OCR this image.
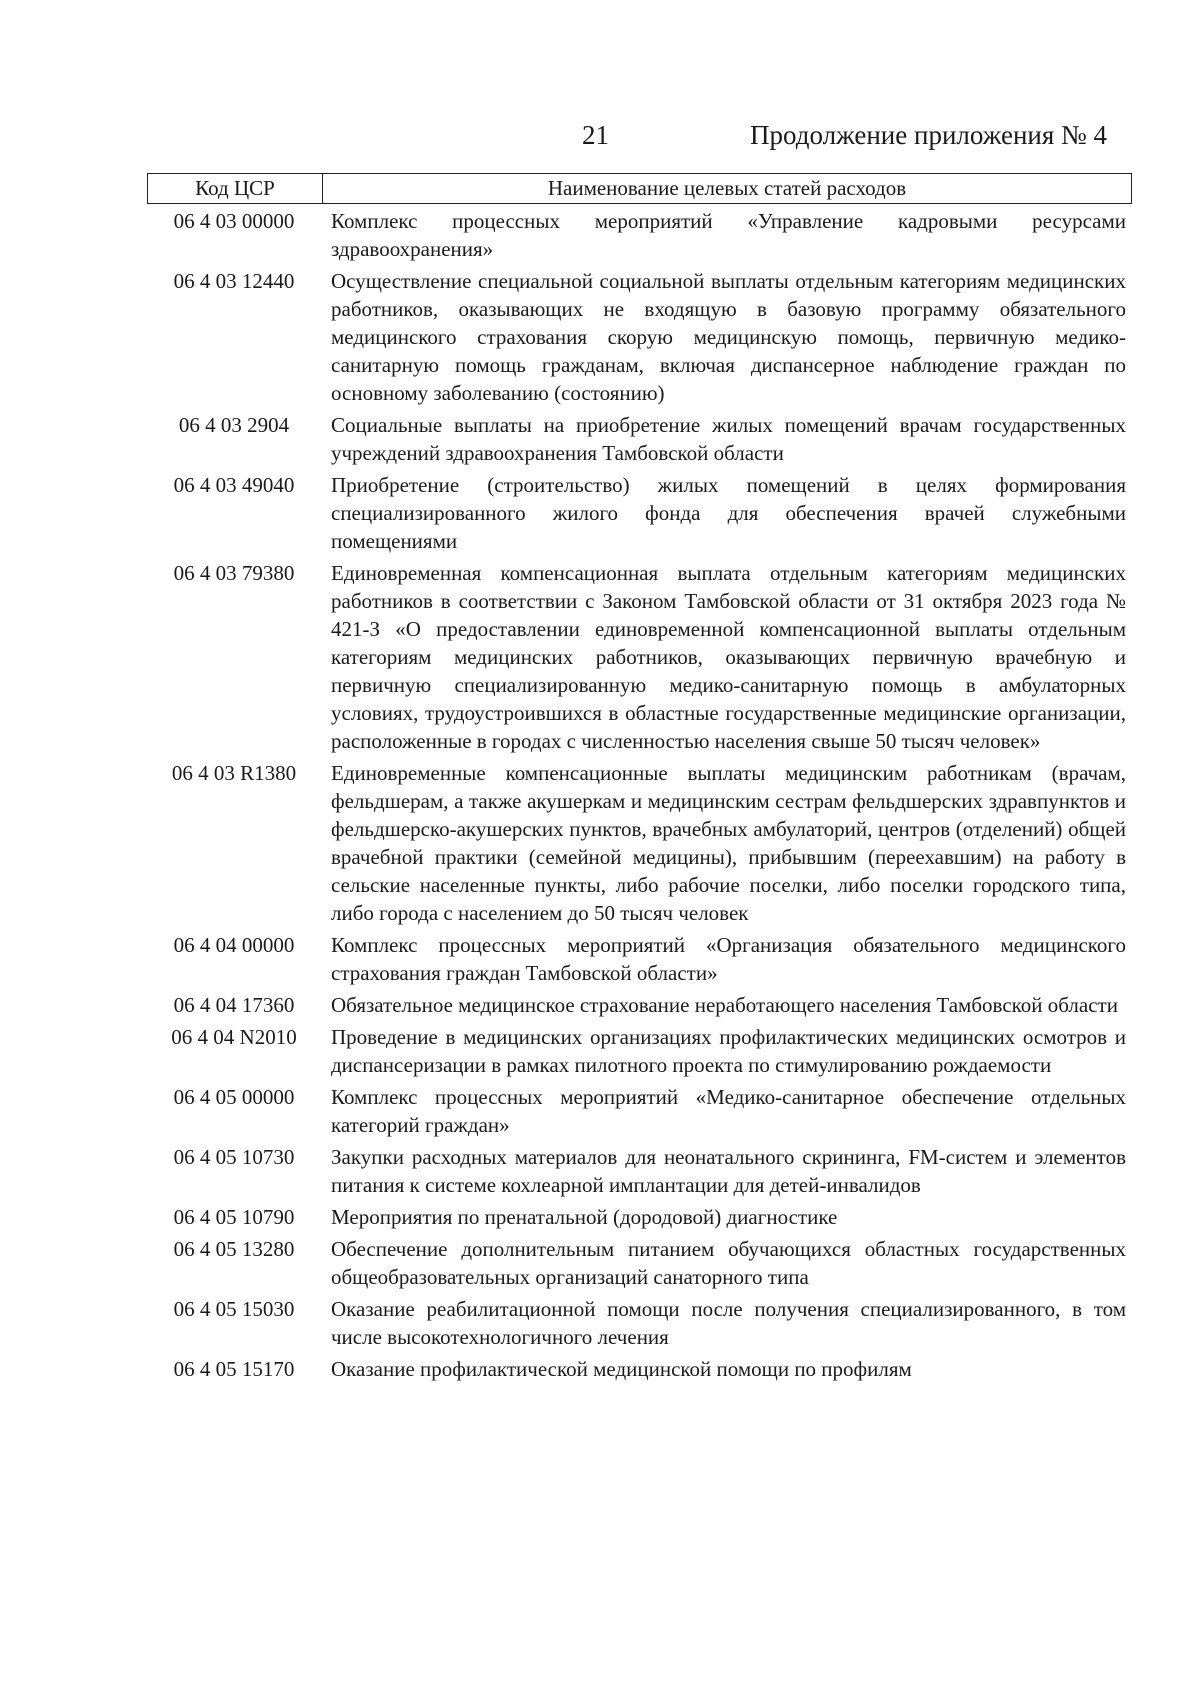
21	Продолжение приложения № 4
Код ЦСР	Наименование целевых статей расходов
06 4 03 00000	Комплекс процессных мероприятий «Управление кадровыми ресурсами здравоохранения»
06 4 03 12440	Осуществление специальной социальной выплаты отдельным категориям медицинских работников, оказывающих не входящую в базовую программу обязательного медицинского страхования скорую медицинскую помощь, первичную медико-санитарную помощь гражданам, включая диспансерное наблюдение граждан по основному заболеванию (состоянию)
06 4 03 2904	Социальные выплаты на приобретение жилых помещений врачам государственных учреждений здравоохранения Тамбовской области
06 4 03 49040	Приобретение (строительство) жилых помещений в целях формирования специализированного жилого фонда для обеспечения врачей служебными помещениями
06 4 03 79380	Единовременная компенсационная выплата отдельным категориям медицинских работников в соответствии с Законом Тамбовской области от 31 октября 2023 года № 421-З «О предоставлении единовременной компенсационной выплаты отдельным категориям медицинских работников, оказывающих первичную врачебную и первичную специализированную медико-санитарную помощь в амбулаторных условиях, трудоустроившихся в областные государственные медицинские организации, расположенные в городах с численностью населения свыше 50 тысяч человек»
06 4 03 R1380	Единовременные компенсационные выплаты медицинским работникам (врачам, фельдшерам, а также акушеркам и медицинским сестрам фельдшерских здравпунктов и фельдшерско-акушерских пунктов, врачебных амбулаторий, центров (отделений) общей врачебной практики (семейной медицины), прибывшим (переехавшим) на работу в сельские населенные пункты, либо рабочие поселки, либо поселки городского типа, либо города с населением до 50 тысяч человек
06 4 04 00000	Комплекс процессных мероприятий «Организация обязательного медицинского страхования граждан Тамбовской области»
06 4 04 17360	Обязательное медицинское страхование неработающего населения Тамбовской области
06 4 04 N2010	Проведение в медицинских организациях профилактических медицинских осмотров и диспансеризации в рамках пилотного проекта по стимулированию рождаемости
06 4 05 00000	Комплекс процессных мероприятий «Медико-санитарное обеспечение отдельных категорий граждан»
06 4 05 10730	Закупки расходных материалов для неонатального скрининга, FM-систем и элементов питания к системе кохлеарной имплантации для детей-инвалидов
06 4 05 10790	Мероприятия по пренатальной (дородовой) диагностике
06 4 05 13280	Обеспечение дополнительным питанием обучающихся областных государственных общеобразовательных организаций санаторного типа
06 4 05 15030	Оказание реабилитационной помощи после получения специализированного, в том числе высокотехнологичного лечения
06 4 05 15170	Оказание профилактической медицинской помощи по профилям
